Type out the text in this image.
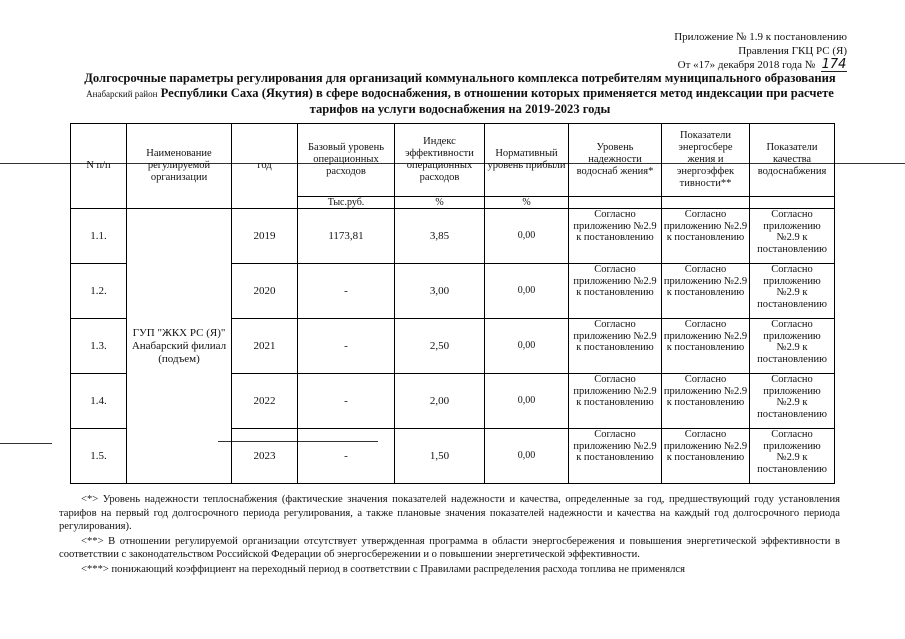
Приложение № 1.9 к постановлению
Правления ГКЦ РС (Я)
От «17» декабря 2018 года № 174
Долгосрочные параметры регулирования для организаций коммунального комплекса потребителям муниципального образования Анабарский район Республики Саха (Якутия) в сфере водоснабжения, в отношении которых применяется метод индексации при расчете тарифов на услуги водоснабжения на 2019-2023 годы
N п/п	Наименование регулируемой организации	год	Базовый уровень операционных расходов	Индекс эффективности операционных расходов	Нормативный уровень прибыли	Уровень надежности водоснаб жения*	Показатели энергосбере жения и энергоэффек тивности**	Показатели качества водоснабжения
			Тыс.руб.	%	%			
1.1.	ГУП "ЖКХ РС (Я)" Анабарский филиал (подъем)	2019	1173,81	3,85	0,00	Согласно приложению №2.9 к постановлению	Согласно приложению №2.9 к постановлению	Согласно приложению №2.9 к постановлению
1.2.		2020	-	3,00	0,00	Согласно приложению №2.9 к постановлению	Согласно приложению №2.9 к постановлению	Согласно приложению №2.9 к постановлению
1.3.		2021	-	2,50	0,00	Согласно приложению №2.9 к постановлению	Согласно приложению №2.9 к постановлению	Согласно приложению №2.9 к постановлению
1.4.		2022	-	2,00	0,00	Согласно приложению №2.9 к постановлению	Согласно приложению №2.9 к постановлению	Согласно приложению №2.9 к постановлению
1.5.		2023	-	1,50	0,00	Согласно приложению №2.9 к постановлению	Согласно приложению №2.9 к постановлению	Согласно приложению №2.9 к постановлению

<*> Уровень надежности теплоснабжения (фактические значения показателей надежности и качества, определенные за год, предшествующий году установления тарифов на первый год долгосрочного периода регулирования, а также плановые значения показателей надежности и качества на каждый год долгосрочного периода регулирования).

<**> В отношении регулируемой организации отсутствует утвержденная программа в области энергосбережения и повышения энергетической эффективности в соответствии с законодательством Российской Федерации об энергосбережении и о повышении энергетической эффективности.

<***> понижающий коэффициент на переходный период в соответствии с Правилами распределения расхода топлива не применялся
